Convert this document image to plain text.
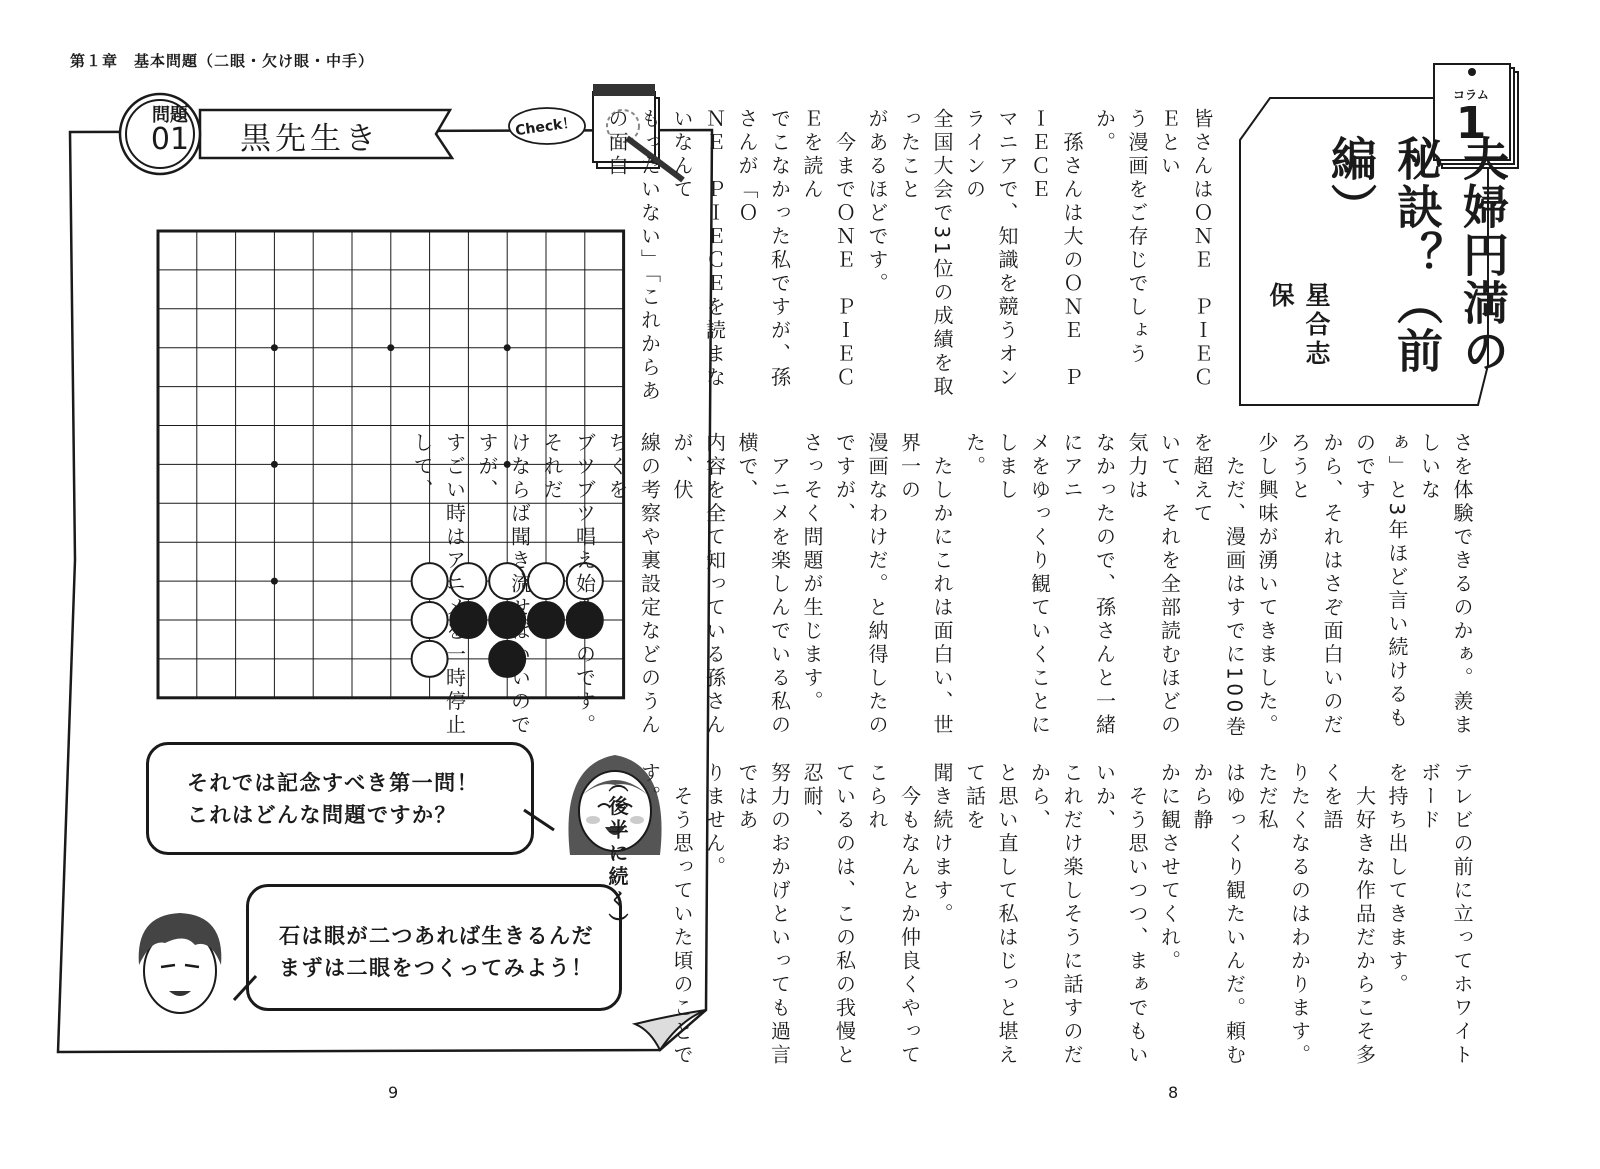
第１章　基本問題（二眼・欠け眼・中手）
問題
01	黒先生き	Check！

それでは記念すべき第一問！

これはどんな問題ですか？

石は眼が二つあれば生きるんだ

まずは二眼をつくってみよう！

9
コラム
1

夫婦円満の

秘訣？（前編）

星合志保

皆さんはＯＮＥ　ＰＩＥＣＥとい

う漫画をご存じでしょうか。

　孫さんは大のＯＮＥ　ＰＩＥＣＥ

マニアで、知識を競うオンラインの

全国大会で31位の成績を取ったこと

があるほどです。

　今までＯＮＥ　ＰＩＥＣＥを読ん

でこなかった私ですが、孫さんが「Ｏ

ＮＥ　ＰＩＥＣＥを読まないなんて

もったいない」「これからあの面白

さを体験できるのかぁ。羨ましいな

ぁ」と3年ほど言い続けるものです

から、それはさぞ面白いのだろうと

少し興味が湧いてきました。

　ただ、漫画はすでに100巻を超えて

いて、それを全部読むほどの気力は

なかったので、孫さんと一緒にアニ

メをゆっくり観ていくことにしまし

た。

　たしかにこれは面白い、世界一の

漫画なわけだ。と納得したのですが、

さっそく問題が生じます。

　アニメを楽しんでいる私の横で、

内容を全て知っている孫さんが、伏

線の考察や裏設定などのうんちくを

ブツブツ唱え始めるのです。それだ

けならば聞き流せばいいのですが、

すごい時はアニメを一時停止して、

テレビの前に立ってホワイトボード

を持ち出してきます。

　大好きな作品だからこそ多くを語

りたくなるのはわかります。ただ私

はゆっくり観たいんだ。頼むから静

かに観させてくれ。

　そう思いつつ、まぁでもいいか、

これだけ楽しそうに話すのだから、

と思い直して私はじっと堪えて話を

聞き続けます。

　今もなんとか仲良くやってこられ

ているのは、この私の我慢と忍耐、

努力のおかげといっても過言ではあ

りません。

　そう思っていた頃のことです。

（後半に続く）

8
